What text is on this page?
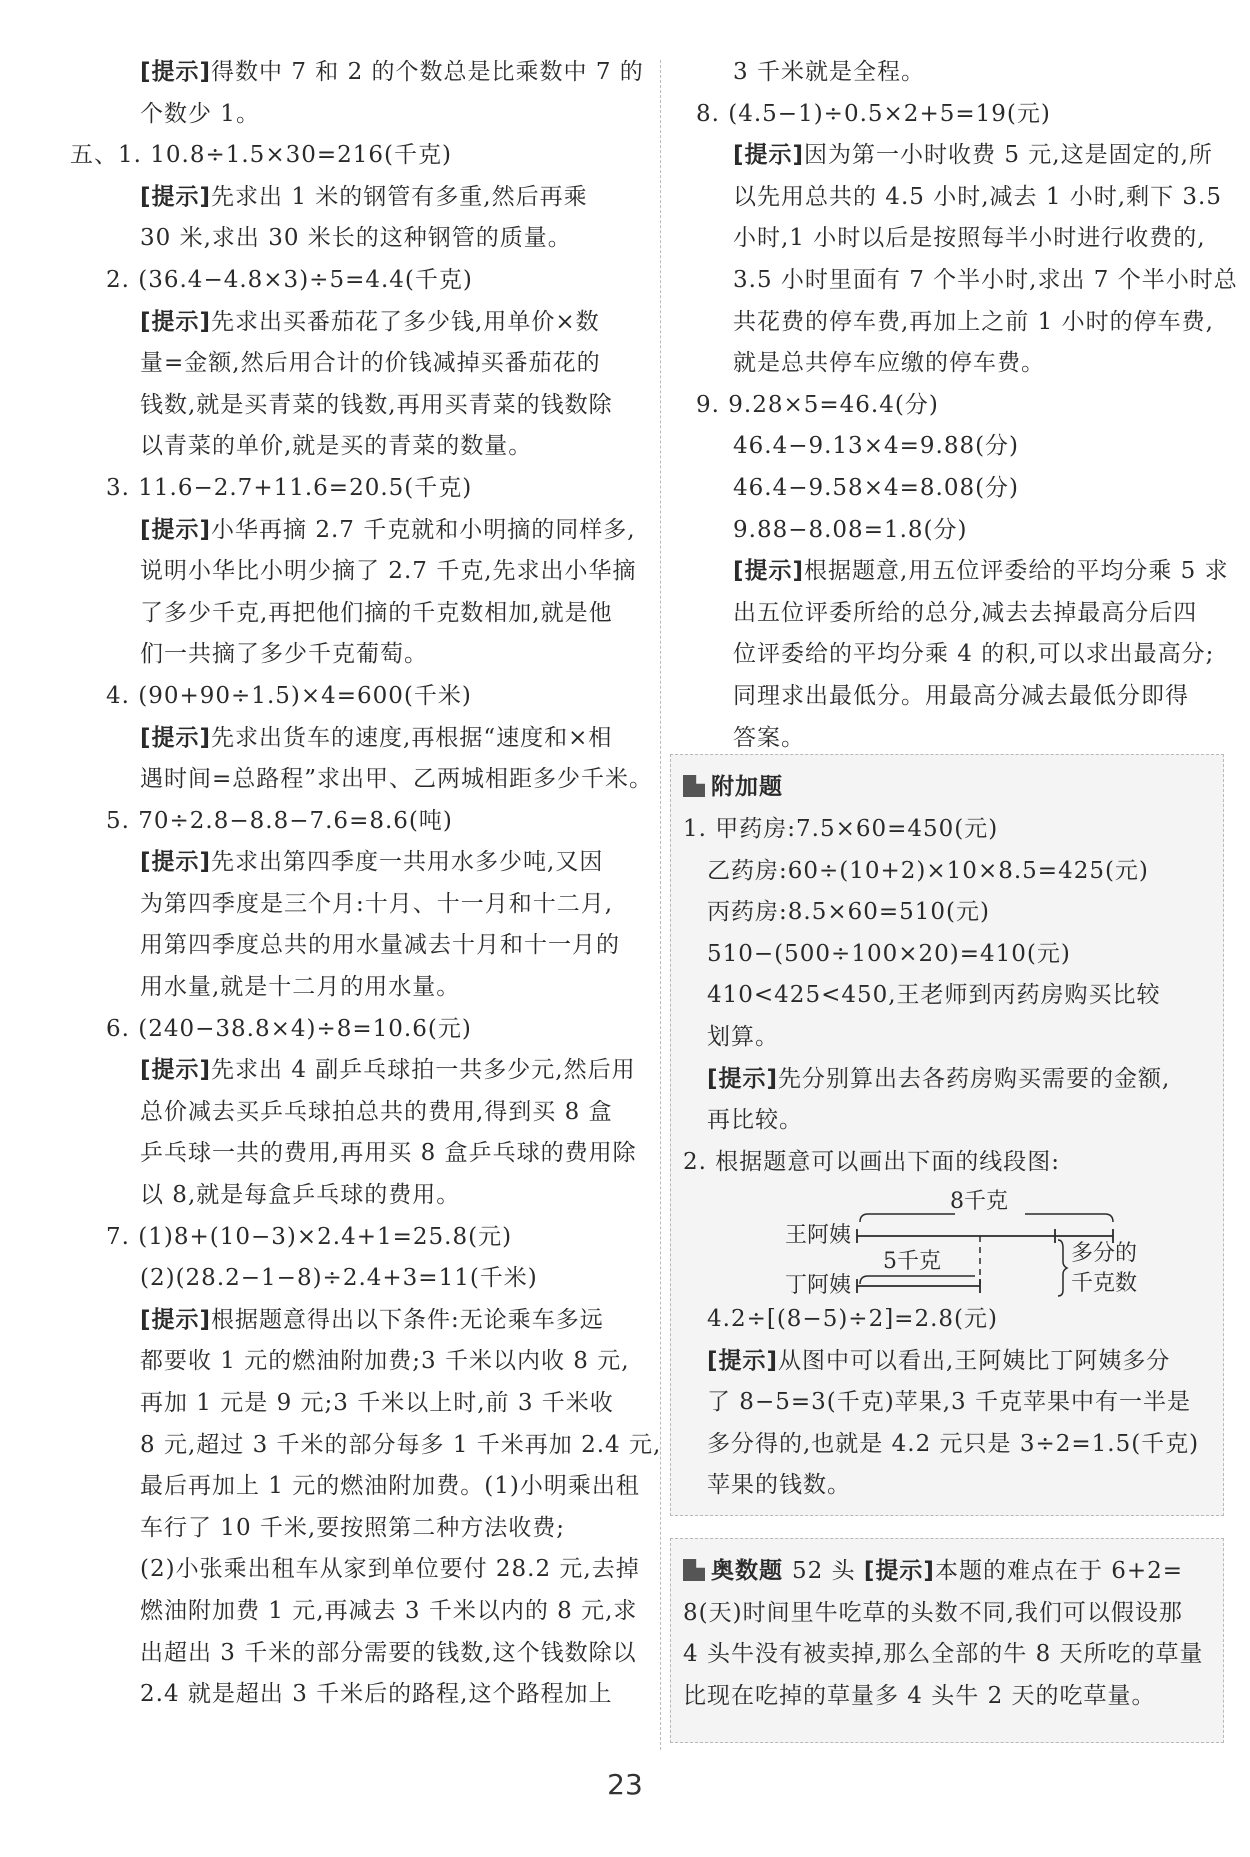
[提示]得数中 7 和 2 的个数总是比乘数中 7 的
个数少 1。
五、1. 10.8÷1.5×30=216(千克)
[提示]先求出 1 米的钢管有多重,然后再乘
30 米,求出 30 米长的这种钢管的质量。
2. (36.4−4.8×3)÷5=4.4(千克)
[提示]先求出买番茄花了多少钱,用单价×数
量=金额,然后用合计的价钱减掉买番茄花的
钱数,就是买青菜的钱数,再用买青菜的钱数除
以青菜的单价,就是买的青菜的数量。
3. 11.6−2.7+11.6=20.5(千克)
[提示]小华再摘 2.7 千克就和小明摘的同样多,
说明小华比小明少摘了 2.7 千克,先求出小华摘
了多少千克,再把他们摘的千克数相加,就是他
们一共摘了多少千克葡萄。
4. (90+90÷1.5)×4=600(千米)
[提示]先求出货车的速度,再根据“速度和×相
遇时间=总路程”求出甲、乙两城相距多少千米。
5. 70÷2.8−8.8−7.6=8.6(吨)
[提示]先求出第四季度一共用水多少吨,又因
为第四季度是三个月:十月、十一月和十二月,
用第四季度总共的用水量减去十月和十一月的
用水量,就是十二月的用水量。
6. (240−38.8×4)÷8=10.6(元)
[提示]先求出 4 副乒乓球拍一共多少元,然后用
总价减去买乒乓球拍总共的费用,得到买 8 盒
乒乓球一共的费用,再用买 8 盒乒乓球的费用除
以 8,就是每盒乒乓球的费用。
7. (1)8+(10−3)×2.4+1=25.8(元)
(2)(28.2−1−8)÷2.4+3=11(千米)
[提示]根据题意得出以下条件:无论乘车多远
都要收 1 元的燃油附加费;3 千米以内收 8 元,
再加 1 元是 9 元;3 千米以上时,前 3 千米收
8 元,超过 3 千米的部分每多 1 千米再加 2.4 元,
最后再加上 1 元的燃油附加费。(1)小明乘出租
车行了 10 千米,要按照第二种方法收费;
(2)小张乘出租车从家到单位要付 28.2 元,去掉
燃油附加费 1 元,再减去 3 千米以内的 8 元,求
出超出 3 千米的部分需要的钱数,这个钱数除以
2.4 就是超出 3 千米后的路程,这个路程加上
3 千米就是全程。
8. (4.5−1)÷0.5×2+5=19(元)
[提示]因为第一小时收费 5 元,这是固定的,所
以先用总共的 4.5 小时,减去 1 小时,剩下 3.5
小时,1 小时以后是按照每半小时进行收费的,
3.5 小时里面有 7 个半小时,求出 7 个半小时总
共花费的停车费,再加上之前 1 小时的停车费,
就是总共停车应缴的停车费。
9. 9.28×5=46.4(分)
46.4−9.13×4=9.88(分)
46.4−9.58×4=8.08(分)
9.88−8.08=1.8(分)
[提示]根据题意,用五位评委给的平均分乘 5 求
出五位评委所给的总分,减去去掉最高分后四
位评委给的平均分乘 4 的积,可以求出最高分;
同理求出最低分。用最高分减去最低分即得
答案。
附加题
1. 甲药房:7.5×60=450(元)
乙药房:60÷(10+2)×10×8.5=425(元)
丙药房:8.5×60=510(元)
510−(500÷100×20)=410(元)
410<425<450,王老师到丙药房购买比较
划算。
[提示]先分别算出去各药房购买需要的金额,
再比较。
2. 根据题意可以画出下面的线段图:
4.2÷[(8−5)÷2]=2.8(元)
[提示]从图中可以看出,王阿姨比丁阿姨多分
了 8−5=3(千克)苹果,3 千克苹果中有一半是
多分得的,也就是 4.2 元只是 3÷2=1.5(千克)
苹果的钱数。
8千克
王阿姨
5千克
丁阿姨
多分的
千克数
奥数题 52 头 [提示]本题的难点在于 6+2=
8(天)时间里牛吃草的头数不同,我们可以假设那
4 头牛没有被卖掉,那么全部的牛 8 天所吃的草量
比现在吃掉的草量多 4 头牛 2 天的吃草量。
23
